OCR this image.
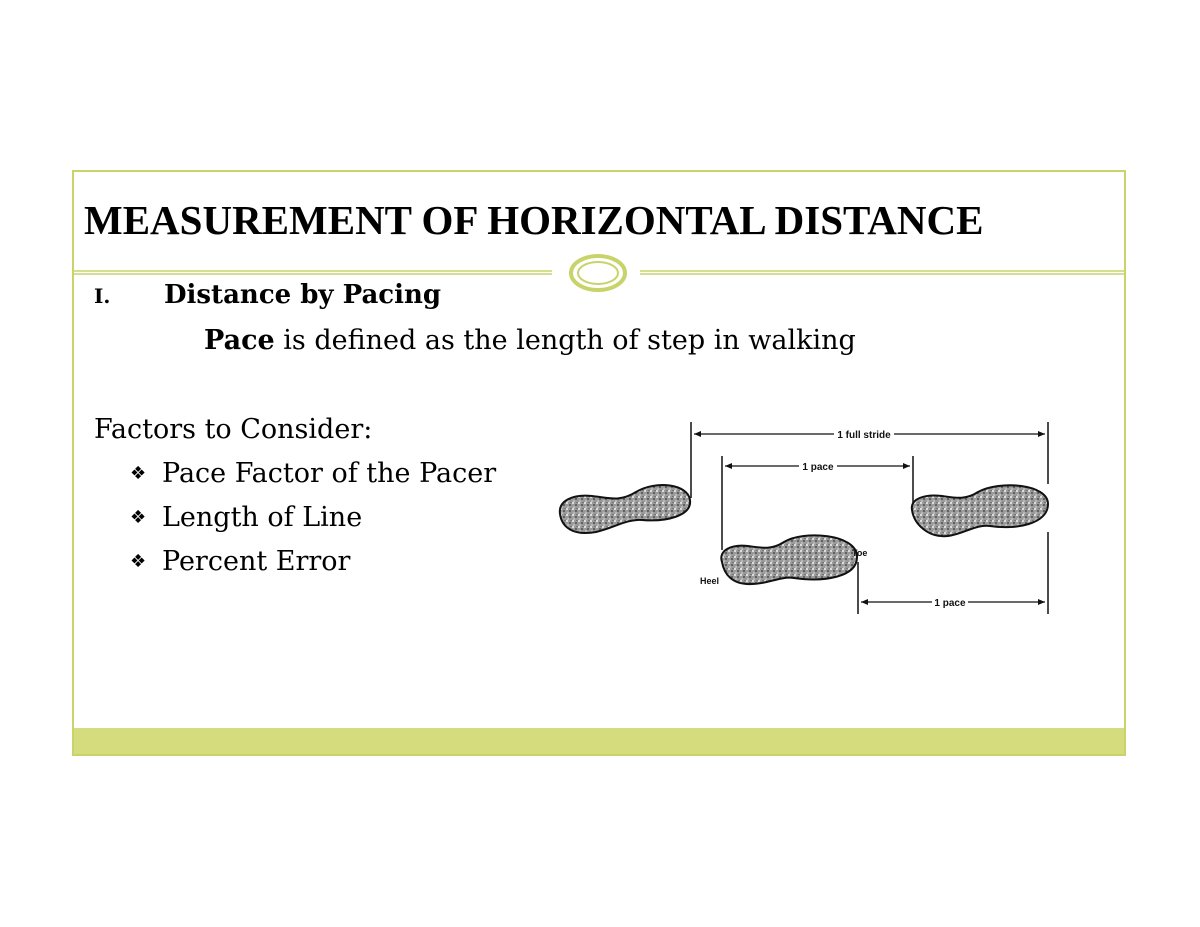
MEASUREMENT OF HORIZONTAL DISTANCE
I. Distance by Pacing
Pace is defined as the length of step in walking
Factors to Consider:
❖ Pace Factor of the Pacer
❖ Length of Line
❖ Percent Error
1 full stride
1 pace
1 pace
Heel
Toe
